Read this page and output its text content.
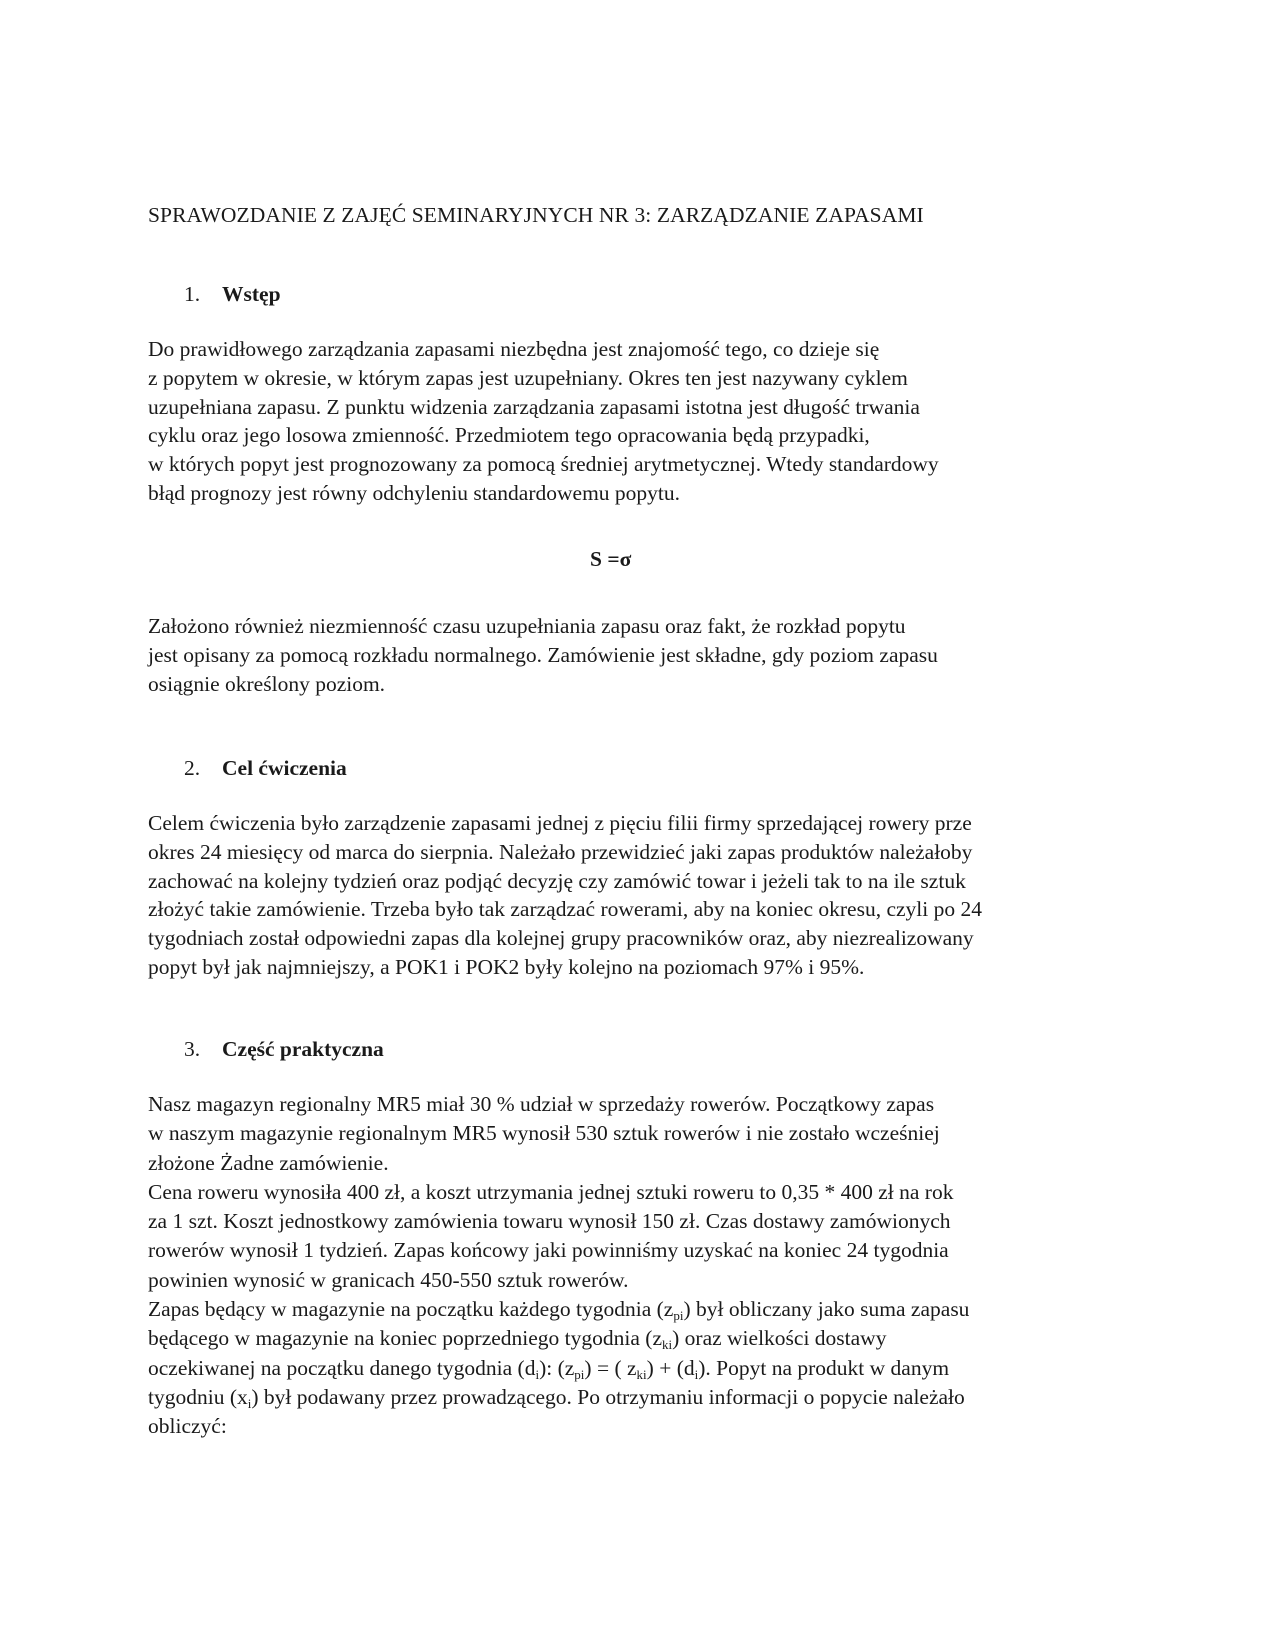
SPRAWOZDANIE Z ZAJĘĆ SEMINARYJNYCH NR 3: ZARZĄDZANIE ZAPASAMI
1. Wstęp
Do prawidłowego zarządzania zapasami niezbędna jest znajomość tego, co dzieje się
z popytem w okresie, w którym zapas jest uzupełniany. Okres ten jest nazywany cyklem
uzupełniana zapasu. Z punktu widzenia zarządzania zapasami istotna jest długość trwania
cyklu oraz jego losowa zmienność. Przedmiotem tego opracowania będą przypadki,
w których popyt jest prognozowany za pomocą średniej arytmetycznej. Wtedy standardowy
błąd prognozy jest równy odchyleniu standardowemu popytu.
S =σ
Założono również niezmienność czasu uzupełniania zapasu oraz fakt, że rozkład popytu
jest opisany za pomocą rozkładu normalnego. Zamówienie jest składne, gdy poziom zapasu
osiągnie określony poziom.
2. Cel ćwiczenia
Celem ćwiczenia było zarządzenie zapasami jednej z pięciu filii firmy sprzedającej rowery prze
okres 24 miesięcy od marca do sierpnia. Należało przewidzieć jaki zapas produktów należałoby
zachować na kolejny tydzień oraz podjąć decyzję czy zamówić towar i jeżeli tak to na ile sztuk
złożyć takie zamówienie. Trzeba było tak zarządzać rowerami, aby na koniec okresu, czyli po 24
tygodniach został odpowiedni zapas dla kolejnej grupy pracowników oraz, aby niezrealizowany
popyt był jak najmniejszy, a POK1 i POK2 były kolejno na poziomach 97% i 95%.
3. Część praktyczna
Nasz magazyn regionalny MR5 miał 30 % udział w sprzedaży rowerów. Początkowy zapas
w naszym magazynie regionalnym MR5 wynosił 530 sztuk rowerów i nie zostało wcześniej
złożone Żadne zamówienie.
Cena roweru wynosiła 400 zł, a koszt utrzymania jednej sztuki roweru to 0,35 * 400 zł na rok
za 1 szt. Koszt jednostkowy zamówienia towaru wynosił 150 zł. Czas dostawy zamówionych
rowerów wynosił 1 tydzień. Zapas końcowy jaki powinniśmy uzyskać na koniec 24 tygodnia
powinien wynosić w granicach 450-550 sztuk rowerów.
Zapas będący w magazynie na początku każdego tygodnia $(z_{pi})$ był obliczany jako suma zapasu
będącego w magazynie na koniec poprzedniego tygodnia $(z_{ki})$ oraz wielkości dostawy
oczekiwanej na początku danego tygodnia $(d_i)$: $(z_{pi})$ = ( $z_{ki}) + (d_i)$. Popyt na produkt w danym
tygodniu $(x_i)$ był podawany przez prowadzącego. Po otrzymaniu informacji o popycie należało
obliczyć:
